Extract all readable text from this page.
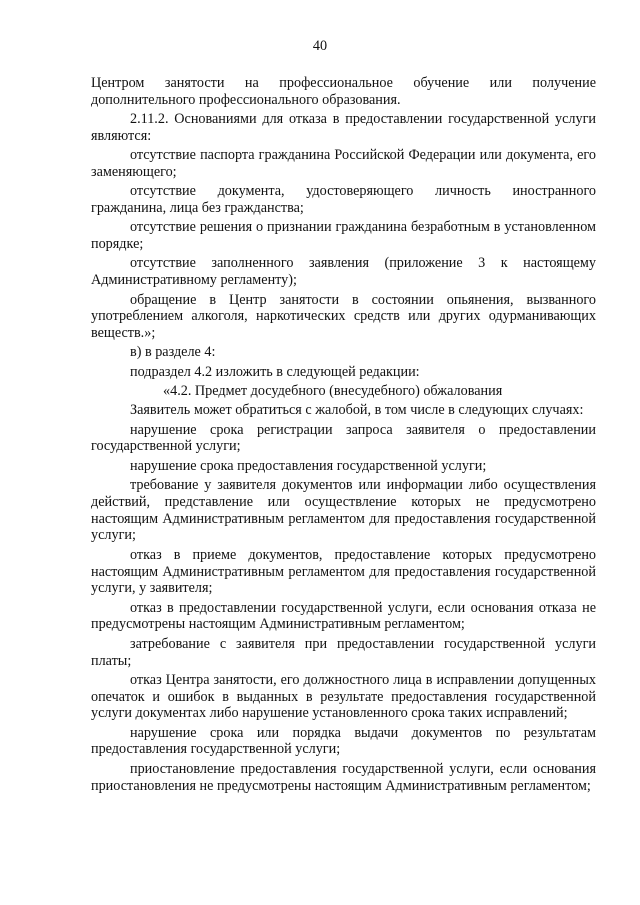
40

Центром занятости на профессиональное обучение или получение дополнительного профессионального образования.

2.11.2. Основаниями для отказа в предоставлении государственной услуги являются:

отсутствие паспорта гражданина Российской Федерации или документа, его заменяющего;

отсутствие документа, удостоверяющего личность иностранного гражданина, лица без гражданства;

отсутствие решения о признании гражданина безработным в установленном порядке;

отсутствие заполненного заявления (приложение 3 к настоящему Административному регламенту);

обращение в Центр занятости в состоянии опьянения, вызванного употреблением алкоголя, наркотических средств или других одурманивающих веществ.»;

в) в разделе 4:

подраздел 4.2 изложить в следующей редакции:

«4.2. Предмет досудебного (внесудебного) обжалования

Заявитель может обратиться с жалобой, в том числе в следующих случаях:

нарушение срока регистрации запроса заявителя о предоставлении государственной услуги;

нарушение срока предоставления государственной услуги;

требование у заявителя документов или информации либо осуществления действий, представление или осуществление которых не предусмотрено настоящим Административным регламентом для предоставления государственной услуги;

отказ в приеме документов, предоставление которых предусмотрено настоящим Административным регламентом для предоставления государственной услуги, у заявителя;

отказ в предоставлении государственной услуги, если основания отказа не предусмотрены настоящим Административным регламентом;

затребование с заявителя при предоставлении государственной услуги платы;

отказ Центра занятости, его должностного лица в исправлении допущенных опечаток и ошибок в выданных в результате предоставления государственной услуги документах либо нарушение установленного срока таких исправлений;

нарушение срока или порядка выдачи документов по результатам предоставления государственной услуги;

приостановление предоставления государственной услуги, если основания приостановления не предусмотрены настоящим Административным регламентом;
